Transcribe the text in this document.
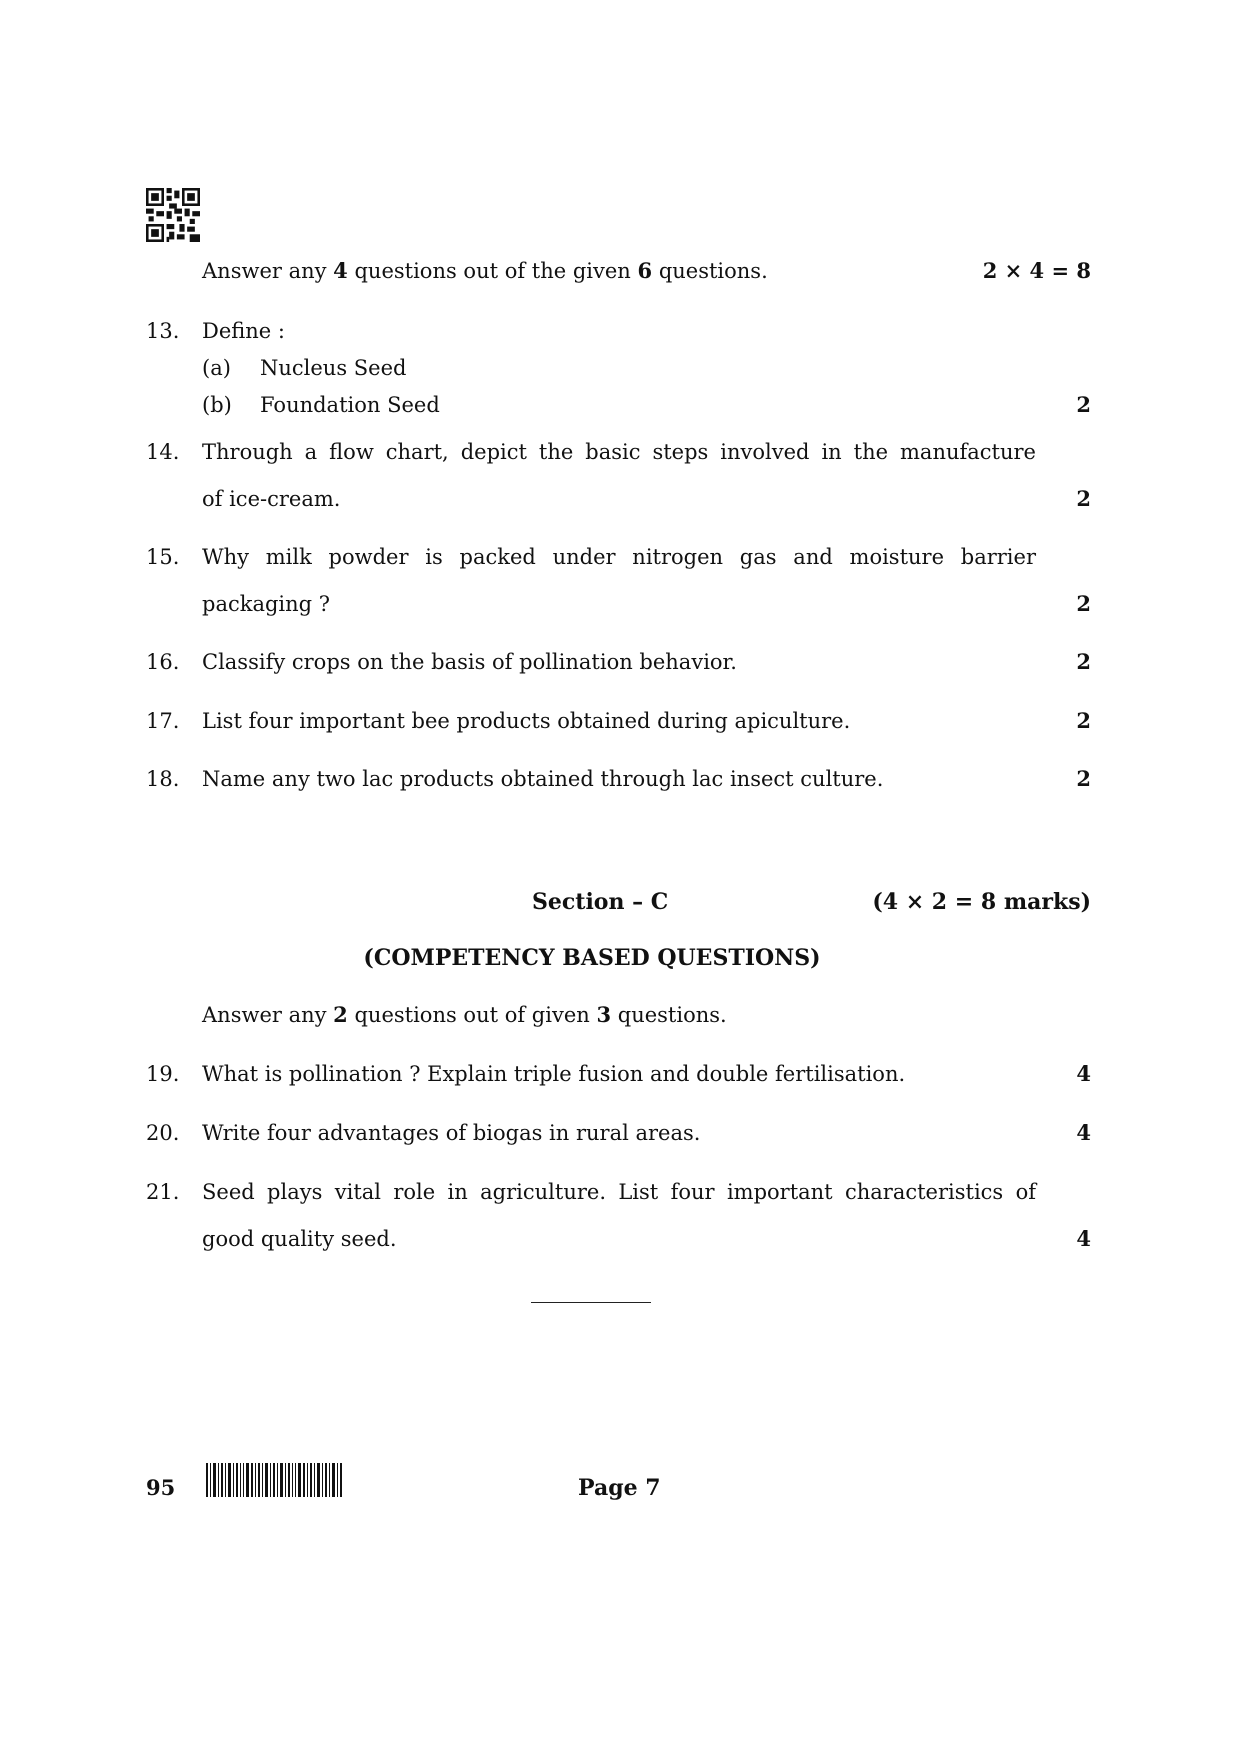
Answer any 4 questions out of the given 6 questions.	2 × 4 = 8
13. Define :
(a) Nucleus Seed
(b) Foundation Seed	2
14. Through a flow chart, depict the basic steps involved in the manufacture
of ice-cream.	2
15. Why milk powder is packed under nitrogen gas and moisture barrier
packaging ?	2
16. Classify crops on the basis of pollination behavior.	2
17. List four important bee products obtained during apiculture.	2
18. Name any two lac products obtained through lac insect culture.	2
Section – C	(4 × 2 = 8 marks)
(COMPETENCY BASED QUESTIONS)
Answer any 2 questions out of given 3 questions.
19. What is pollination ? Explain triple fusion and double fertilisation.	4
20. Write four advantages of biogas in rural areas.	4
21. Seed plays vital role in agriculture. List four important characteristics of
good quality seed.	4
95	Page 7
